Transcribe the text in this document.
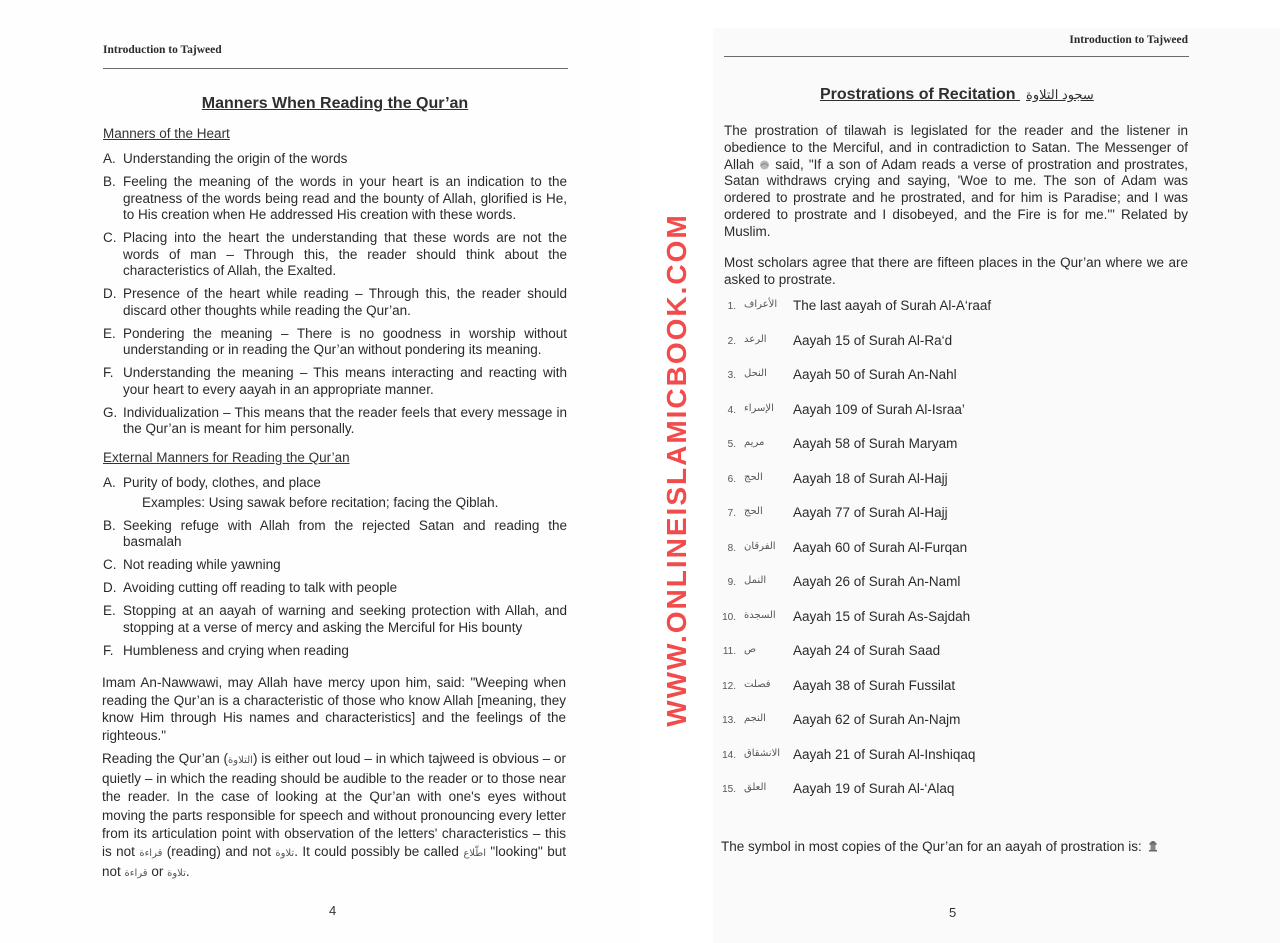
Introduction to Tajweed
Manners When Reading the Qur’an
Manners of the Heart
A. Understanding the origin of the words
B. Feeling the meaning of the words in your heart is an indication to the greatness of the words being read and the bounty of Allah, glorified is He, to His creation when He addressed His creation with these words.
C. Placing into the heart the understanding that these words are not the words of man – Through this, the reader should think about the characteristics of Allah, the Exalted.
D. Presence of the heart while reading – Through this, the reader should discard other thoughts while reading the Qur’an.
E. Pondering the meaning – There is no goodness in worship without understanding or in reading the Qur’an without pondering its meaning.
F. Understanding the meaning – This means interacting and reacting with your heart to every aayah in an appropriate manner.
G. Individualization – This means that the reader feels that every message in the Qur’an is meant for him personally.
External Manners for Reading the Qur’an
A. Purity of body, clothes, and place
Examples: Using sawak before recitation; facing the Qiblah.
B. Seeking refuge with Allah from the rejected Satan and reading the basmalah
C. Not reading while yawning
D. Avoiding cutting off reading to talk with people
E. Stopping at an aayah of warning and seeking protection with Allah, and stopping at a verse of mercy and asking the Merciful for His bounty
F. Humbleness and crying when reading

Imam An-Nawwawi, may Allah have mercy upon him, said: "Weeping when reading the Qur’an is a characteristic of those who know Allah [meaning, they know Him through His names and characteristics] and the feelings of the righteous."

Reading the Qur’an (التلاوة) is either out loud – in which tajweed is obvious – or quietly – in which the reading should be audible to the reader or to those near the reader. In the case of looking at the Qur’an with one's eyes without moving the parts responsible for speech and without pronouncing every letter from its articulation point with observation of the letters' characteristics – this is not قراءة (reading) and not تلاوة. It could possibly be called اطّلاع "looking" but not قراءة or تلاوة.

4
WWW.ONLINEISLAMICBOOK.COM
Introduction to Tajweed
Prostrations of Recitation سجود التلاوة

The prostration of tilawah is legislated for the reader and the listener in obedience to the Merciful, and in contradiction to Satan. The Messenger of Allah  said, "If a son of Adam reads a verse of prostration and prostrates, Satan withdraws crying and saying, 'Woe to me. The son of Adam was ordered to prostrate and he prostrated, and for him is Paradise; and I was ordered to prostrate and I disobeyed, and the Fire is for me.'" Related by Muslim.

Most scholars agree that there are fifteen places in the Qur’an where we are asked to prostrate.

1. الأعراف	The last aayah of Surah Al-A‘raaf
2. الرعد	Aayah 15 of Surah Al-Ra‘d
3. النحل	Aayah 50 of Surah An-Nahl
4. الإسراء	Aayah 109 of Surah Al-Israa’
5. مريم	Aayah 58 of Surah Maryam
6. الحج	Aayah 18 of Surah Al-Hajj
7. الحج	Aayah 77 of Surah Al-Hajj
8. الفرقان	Aayah 60 of Surah Al-Furqan
9. النمل	Aayah 26 of Surah An-Naml
10. السجدة	Aayah 15 of Surah As-Sajdah
11. ص	Aayah 24 of Surah Saad
12. فصلت	Aayah 38 of Surah Fussilat
13. النجم	Aayah 62 of Surah An-Najm
14. الانشقاق Aayah 21 of Surah Al-Inshiqaq
15. العلق	Aayah 19 of Surah Al-‘Alaq
The symbol in most copies of the Qur’an for an aayah of prostration is:
5
